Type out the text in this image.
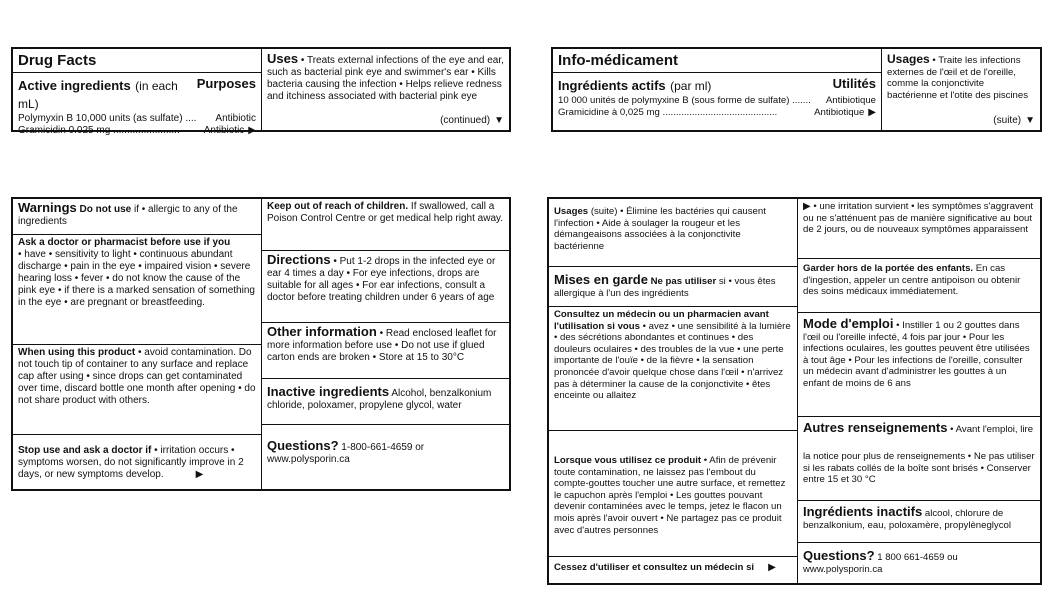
Drug Facts
Active ingredients (in each mL)
Purposes
Polymyxin B 10,000 units (as sulfate) .... Antibiotic
Gramicidin 0.025 mg ........................ Antibiotic ▶
Uses • Treats external infections of the eye and ear, such as bacterial pink eye and swimmer's ear • Kills bacteria causing the infection • Helps relieve redness and itchiness associated with bacterial pink eye
(continued) ▼
Info-médicament
Ingrédients actifs (par ml)	Utilités
10 000 unités de polymyxine B (sous forme de sulfate) ....... Antibiotique
Gramicidine à 0,025 mg ...........................................	Antibiotique ▶
Usages • Traite les infections externes de l'œil et de l'oreille, comme la conjonctivite bactérienne et l'otite des piscines
(suite) ▼
Warnings Do not use if • allergic to any of the ingredients
Ask a doctor or pharmacist before use if you
• have • sensitivity to light • continuous abundant discharge • pain in the eye • impaired vision • severe hearing loss • fever • do not know the cause of the pink eye • if there is a marked sensation of something in the eye • are pregnant or breastfeeding.
When using this product • avoid contamination. Do not touch tip of container to any surface and replace cap after using • since drops can get contaminated over time, discard bottle one month after opening • do not share product with others.
Stop use and ask a doctor if • irritation occurs • symptoms worsen, do not significantly improve in 2 days, or new symptoms develop.	▶
Keep out of reach of children. If swallowed, call a Poison Control Centre or get medical help right away.
Directions • Put 1-2 drops in the infected eye or ear 4 times a day • For eye infections, drops are suitable for all ages • For ear infections, consult a doctor before treating children under 6 years of age
Other information • Read enclosed leaflet for more information before use • Do not use if glued carton ends are broken • Store at 15 to 30°C
Inactive ingredients Alcohol, benzalkonium chloride, poloxamer, propylene glycol, water
Questions? 1-800-661-4659 or www.polysporin.ca
Usages (suite) • Élimine les bactéries qui causent l'infection • Aide à soulager la rougeur et les démangeaisons associées à la conjonctivite bactérienne
Mises en garde Ne pas utiliser si • vous êtes allergique à l'un des ingrédients
Consultez un médecin ou un pharmacien avant l'utilisation si vous • avez • une sensibilité à la lumière • des sécrétions abondantes et continues • des douleurs oculaires • des troubles de la vue • une perte importante de l'ouïe • de la fièvre • la sensation prononcée d'avoir quelque chose dans l'œil • n'arrivez pas à déterminer la cause de la conjonctivite • êtes enceinte ou allaitez
Lorsque vous utilisez ce produit • Afin de prévenir toute contamination, ne laissez pas l'embout du compte-gouttes toucher une autre surface, et remettez le capuchon après l'emploi • Les gouttes pouvant devenir contaminées avec le temps, jetez le flacon un mois après l'avoir ouvert • Ne partagez pas ce produit avec d'autres personnes
Cessez d'utiliser et consultez un médecin si ▶
▶ • une irritation survient • les symptômes s'aggravent ou ne s'atténuent pas de manière significative au bout de 2 jours, ou de nouveaux symptômes apparaissent
Garder hors de la portée des enfants. En cas d'ingestion, appeler un centre antipoison ou obtenir des soins médicaux immédiatement.
Mode d'emploi • Instiller 1 ou 2 gouttes dans l'œil ou l'oreille infecté, 4 fois par jour • Pour les infections oculaires, les gouttes peuvent être utilisées à tout âge • Pour les infections de l'oreille, consulter un médecin avant d'administrer les gouttes à un enfant de moins de 6 ans
Autres renseignements • Avant l'emploi, lire
la notice pour plus de renseignements • Ne pas utiliser si les rabats collés de la boîte sont brisés • Conserver entre 15 et 30 °C
Ingrédients inactifs alcool, chlorure de benzalkonium, eau, poloxamère, propylèneglycol
Questions? 1 800 661-4659 ou www.polysporin.ca
